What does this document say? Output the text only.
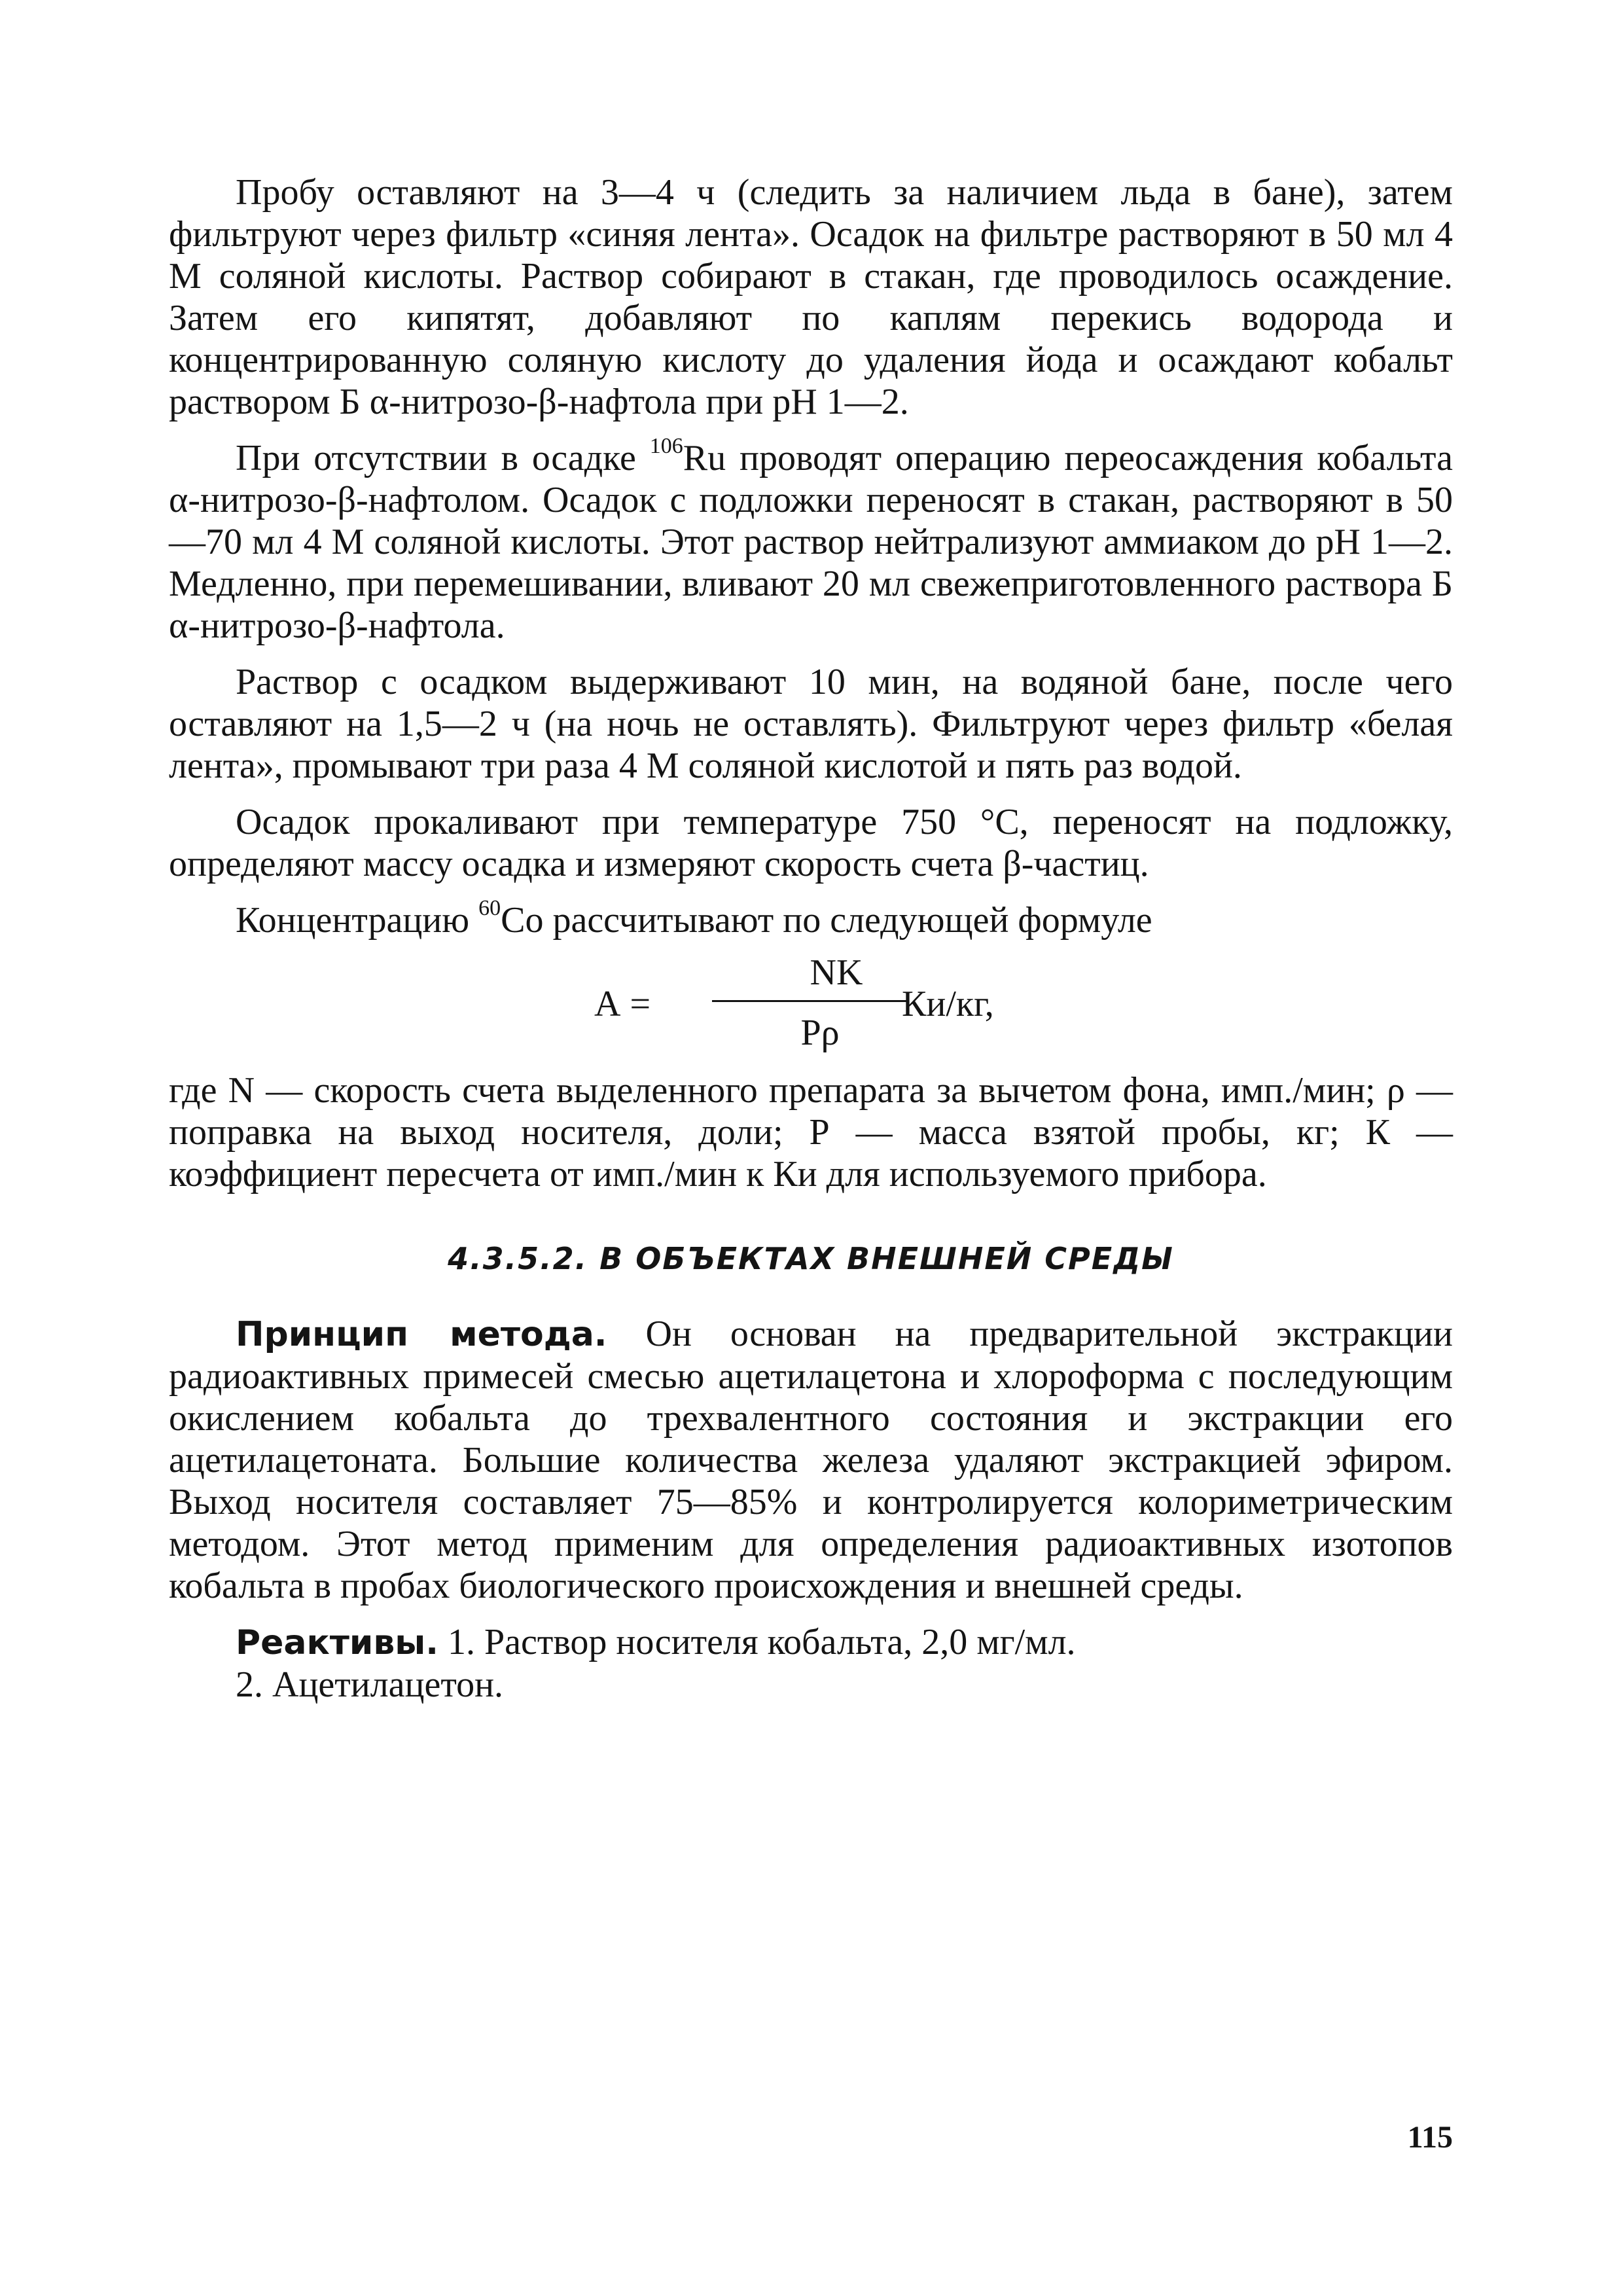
Пробу оставляют на 3—4 ч (следить за наличием льда в бане), затем фильтруют через фильтр «синяя лента». Осадок на фильтре растворяют в 50 мл 4 М соляной кислоты. Раствор собирают в стакан, где проводилось осаждение. Затем его кипятят, добавляют по каплям перекись водорода и концентрированную соляную кислоту до удаления йода и осаждают кобальт раствором Б α-нитрозо-β-нафтола при рН 1—2.

При отсутствии в осадке $^{106}$Ru проводят операцию переосаждения кобальта α-нитрозо-β-нафтолом. Осадок с подложки переносят в стакан, растворяют в 50—70 мл 4 М соляной кислоты. Этот раствор нейтрализуют аммиаком до рН 1—2. Медленно, при перемешивании, вливают 20 мл свежеприготовленного раствора Б α-нитрозо-β-нафтола.

Раствор с осадком выдерживают 10 мин, на водяной бане, после чего оставляют на 1,5—2 ч (на ночь не оставлять). Фильтруют через фильтр «белая лента», промывают три раза 4 М соляной кислотой и пять раз водой.

Осадок прокаливают при температуре 750 °С, переносят на подложку, определяют массу осадка и измеряют скорость счета β-частиц.

Концентрацию $^{60}$Со рассчитывают по следующей формуле

А =
NK
Рρ
Ки/кг,

где N — скорость счета выделенного препарата за вычетом фона, имп./мин; ρ — поправка на выход носителя, доли; Р — масса взятой пробы, кг; К — коэффициент пересчета от имп./мин к Ки для используемого прибора.

4.3.5.2. В ОБЪЕКТАХ ВНЕШНЕЙ СРЕДЫ

Принцип метода. Он основан на предварительной экстракции радиоактивных примесей смесью ацетилацетона и хлороформа с последующим окислением кобальта до трехвалентного состояния и экстракции его ацетилацетоната. Большие количества железа удаляют экстракцией эфиром. Выход носителя составляет 75—85% и контролируется колориметрическим методом. Этот метод применим для определения радиоактивных изотопов кобальта в пробах биологического происхождения и внешней среды.

Реактивы. 1. Раствор носителя кобальта, 2,0 мг/мл.

2. Ацетилацетон.

115
